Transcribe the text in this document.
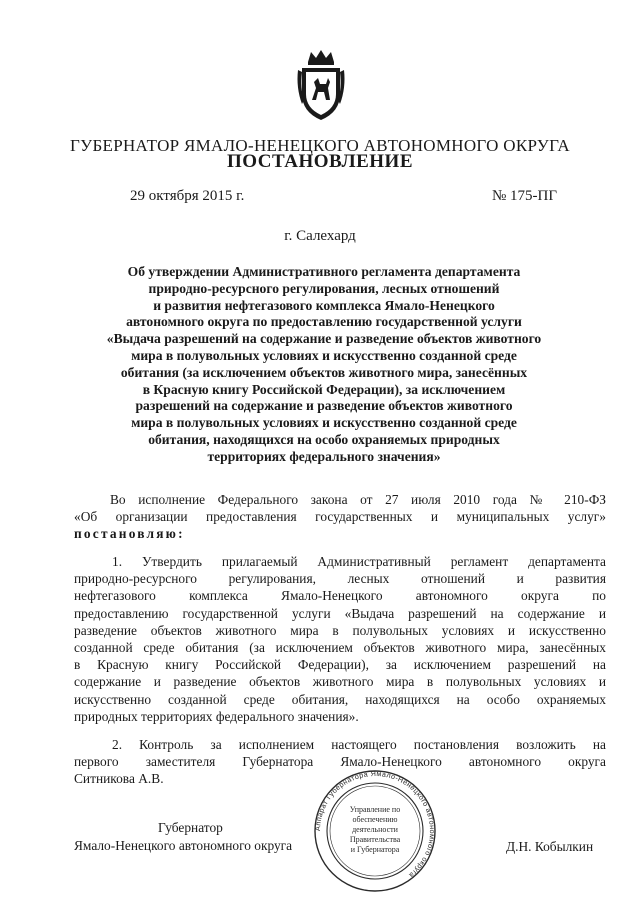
ГУБЕРНАТОР ЯМАЛО-НЕНЕЦКОГО АВТОНОМНОГО ОКРУГА
ПОСТАНОВЛЕНИЕ
29 октября 2015 г.	№ 175-ПГ
г. Салехард
Об утверждении Административного регламента департамента
природно-ресурсного регулирования, лесных отношений
и развития нефтегазового комплекса Ямало-Ненецкого
автономного округа по предоставлению государственной услуги
«Выдача разрешений на содержание и разведение объектов животного
мира в полувольных условиях и искусственно созданной среде
обитания (за исключением объектов животного мира, занесённых
в Красную книгу Российской Федерации), за исключением
разрешений на содержание и разведение объектов животного
мира в полувольных условиях и искусственно созданной среде
обитания, находящихся на особо охраняемых природных
территориях федерального значения»
Во исполнение Федерального закона от 27 июля 2010 года № 210-ФЗ
«Об организации предоставления государственных и муниципальных услуг»
постановляю:
1. Утвердить прилагаемый Административный регламент департамента
природно-ресурсного регулирования, лесных отношений и развития
нефтегазового комплекса Ямало-Ненецкого автономного округа по
предоставлению государственной услуги «Выдача разрешений на содержание и
разведение объектов животного мира в полувольных условиях и искусственно
созданной среде обитания (за исключением объектов животного мира, занесённых
в Красную книгу Российской Федерации), за исключением разрешений на
содержание и разведение объектов животного мира в полувольных условиях и
искусственно созданной среде обитания, находящихся на особо охраняемых
природных территориях федерального значения».
2. Контроль за исполнением настоящего постановления возложить на
первого заместителя Губернатора Ямало-Ненецкого автономного округа
Ситникова А.В.
Аппарат Губернатора Ямало-Ненецкого автономного округа
Управление по
обеспечению
деятельности
Правительства
и Губернатора
Губернатор
Ямало-Ненецкого автономного округа	Д.Н. Кобылкин
